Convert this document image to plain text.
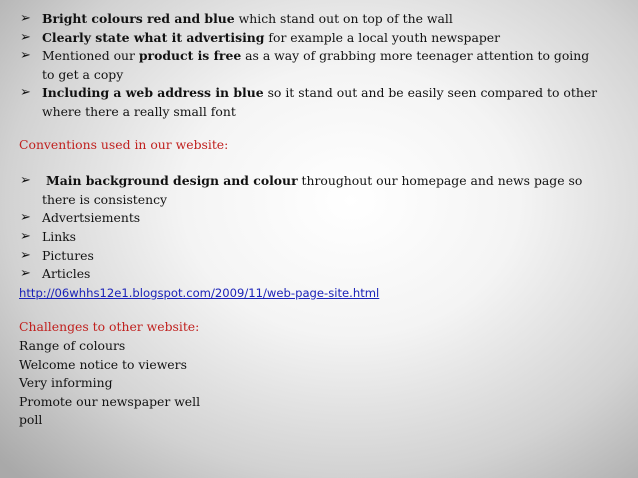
➢ Bright colours red and blue which stand out on top of the wall
➢ Clearly state what it advertising for example a local youth newspaper
➢ Mentioned our product is free as a way of grabbing more teenager attention to going to get a copy
➢ Including a web address in blue so it stand out and be easily seen compared to other where there a really small font

Conventions used in our website:

➢ Main background design and colour throughout our homepage and news page so there is consistency
➢ Advertsiements
➢ Links
➢ Pictures
➢ Articles
http://06whhs12e1.blogspot.com/2009/11/web-page-site.html

Challenges to other website:

Range of colours

Welcome notice to viewers

Very informing

Promote our newspaper well

poll
